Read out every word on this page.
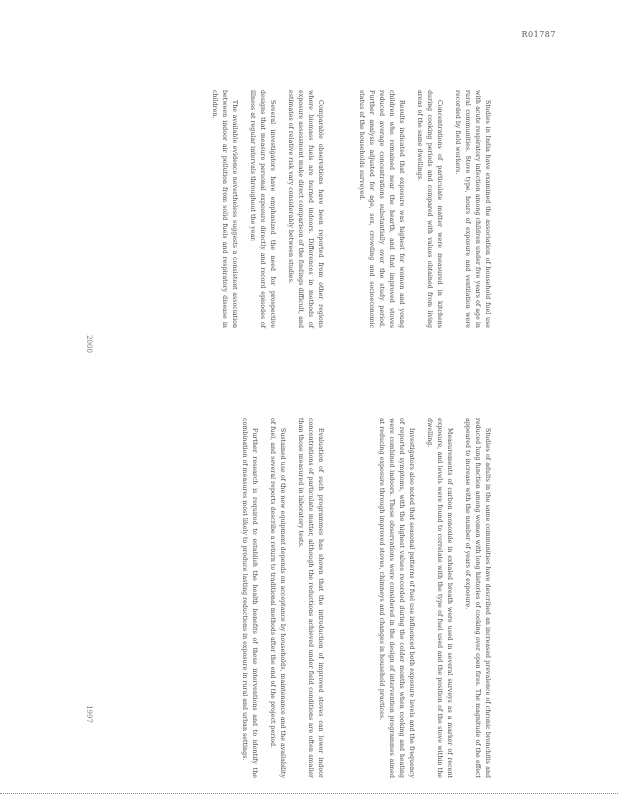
R01787
2000
1997

Studies in India have examined the association of household fuel use with acute respiratory infection among children under five years of age in rural communities. Stove type, hours of exposure and ventilation were recorded by field workers.

Concentrations of particulate matter were measured in kitchens during cooking periods and compared with values obtained from living areas of the same dwellings.

Results indicated that exposure was highest for women and young children who remained near the hearth, and that improved stoves reduced average concentrations substantially over the study period. Further analysis adjusted for age, sex, crowding and socioeconomic status of the households surveyed.

Comparable observations have been reported from other regions where biomass fuels are burned indoors. Differences in methods of exposure assessment make direct comparison of the findings difficult, and estimates of relative risk vary considerably between studies.

Several investigators have emphasized the need for prospective designs that measure personal exposure directly and record episodes of illness at regular intervals throughout the year.

The available evidence nevertheless suggests a consistent association between indoor air pollution from solid fuels and respiratory disease in children.

Studies of adults in the same communities have described an increased prevalence of chronic bronchitis and reduced lung function among women with long histories of cooking over open fires. The magnitude of the effect appeared to increase with the number of years of exposure.

Measurements of carbon monoxide in exhaled breath were used in several surveys as a marker of recent exposure, and levels were found to correlate with the type of fuel used and the position of the stove within the dwelling.

Investigators also noted that seasonal patterns of fuel use influenced both exposure levels and the frequency of reported symptoms, with the highest values recorded during the colder months when cooking and heating were combined indoors. These observations were considered in the design of intervention programmes aimed at reducing exposure through improved stoves, chimneys and changes in household practices.

Evaluation of such programmes has shown that the introduction of improved stoves can lower indoor concentrations of particulate matter, although the reductions achieved under field conditions are often smaller than those measured in laboratory tests.

Sustained use of the new equipment depends on acceptance by households, maintenance and the availability of fuel, and several reports describe a return to traditional methods after the end of the project period.

Further research is required to establish the health benefits of these interventions and to identify the combination of measures most likely to produce lasting reductions in exposure in rural and urban settings.
